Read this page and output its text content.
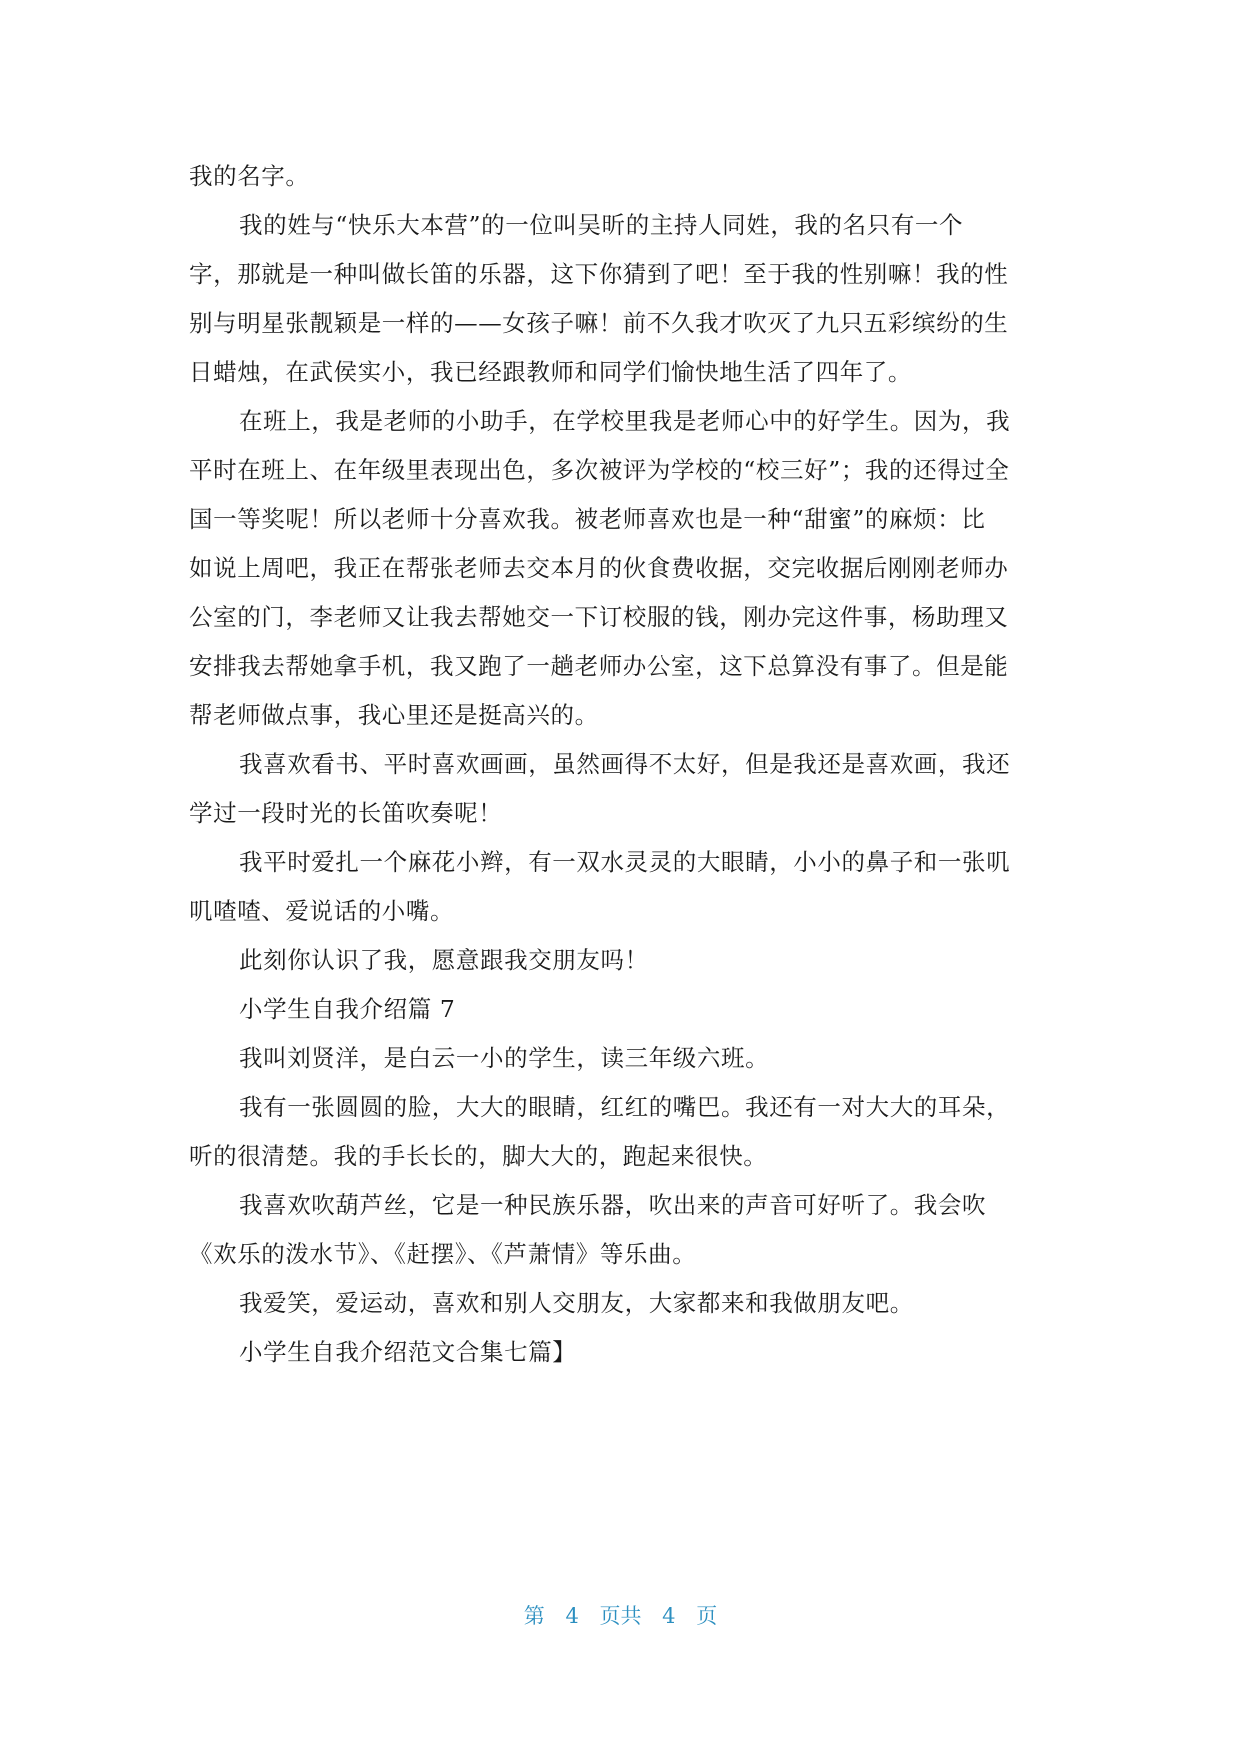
我的名字。
我的姓与“快乐大本营”的一位叫吴昕的主持人同姓，我的名只有一个
字，那就是一种叫做长笛的乐器，这下你猜到了吧！至于我的性别嘛！我的性
别与明星张靓颖是一样的——女孩子嘛！前不久我才吹灭了九只五彩缤纷的生
日蜡烛，在武侯实小，我已经跟教师和同学们愉快地生活了四年了。
在班上，我是老师的小助手，在学校里我是老师心中的好学生。因为，我
平时在班上、在年级里表现出色，多次被评为学校的“校三好”；我的还得过全
国一等奖呢！所以老师十分喜欢我。被老师喜欢也是一种“甜蜜”的麻烦：比
如说上周吧，我正在帮张老师去交本月的伙食费收据，交完收据后刚刚老师办
公室的门，李老师又让我去帮她交一下订校服的钱，刚办完这件事，杨助理又
安排我去帮她拿手机，我又跑了一趟老师办公室，这下总算没有事了。但是能
帮老师做点事，我心里还是挺高兴的。
我喜欢看书、平时喜欢画画，虽然画得不太好，但是我还是喜欢画，我还
学过一段时光的长笛吹奏呢！
我平时爱扎一个麻花小辫，有一双水灵灵的大眼睛，小小的鼻子和一张叽
叽喳喳、爱说话的小嘴。
此刻你认识了我，愿意跟我交朋友吗！
小学生自我介绍篇 7
我叫刘贤洋，是白云一小的学生，读三年级六班。
我有一张圆圆的脸，大大的眼睛，红红的嘴巴。我还有一对大大的耳朵，
听的很清楚。我的手长长的，脚大大的，跑起来很快。
我喜欢吹葫芦丝，它是一种民族乐器，吹出来的声音可好听了。我会吹
《欢乐的泼水节》、《赶摆》、《芦萧情》等乐曲。
我爱笑，爱运动，喜欢和别人交朋友，大家都来和我做朋友吧。
小学生自我介绍范文合集七篇】
第 4 页共 4 页
